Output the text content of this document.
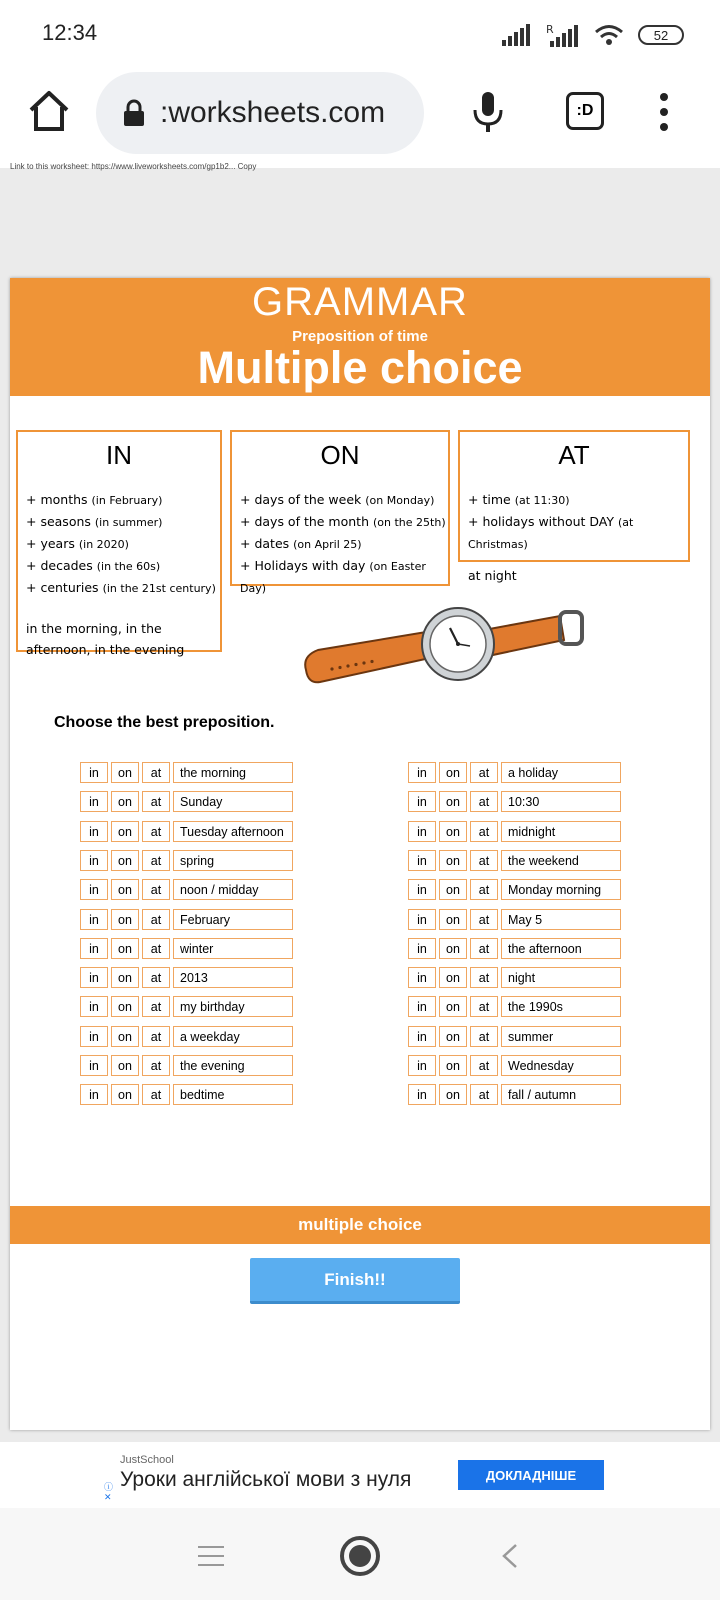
12:34	R	52
:worksheets.com	:D
Link to this worksheet: https://www.liveworksheets.com/gp1b2... Copy
GRAMMAR
Preposition of time
Multiple choice
IN
+ months (in February)
+ seasons (in summer)
+ years (in 2020)
+ decades (in the 60s)
+ centuries (in the 21st century)

in the morning, in the afternoon, in the evening

ON
+ days of the week (on Monday)
+ days of the month (on the 25th)
+ dates (on April 25)
+ Holidays with day (on Easter Day)
AT
+ time (at 11:30)
+ holidays without DAY (at Christmas)

at night

Choose the best preposition.
in	on	at	the morning
in	on	at	Sunday
in	on	at	Tuesday afternoon
in	on	at	spring
in	on	at	noon / midday
in	on	at	February
in	on	at	winter
in	on	at	2013
in	on	at	my birthday
in	on	at	a weekday
in	on	at	the evening
in	on	at	bedtime
in	on	at	a holiday
in	on	at	10:30
in	on	at	midnight
in	on	at	the weekend
in	on	at	Monday morning
in	on	at	May 5
in	on	at	the afternoon
in	on	at	night
in	on	at	the 1990s
in	on	at	summer
in	on	at	Wednesday
in	on	at	fall / autumn
multiple choice
Finish!!
JustSchool
Уроки англійської мови з нуля	ДОКЛАДНІШЕ
ⓘ
✕
